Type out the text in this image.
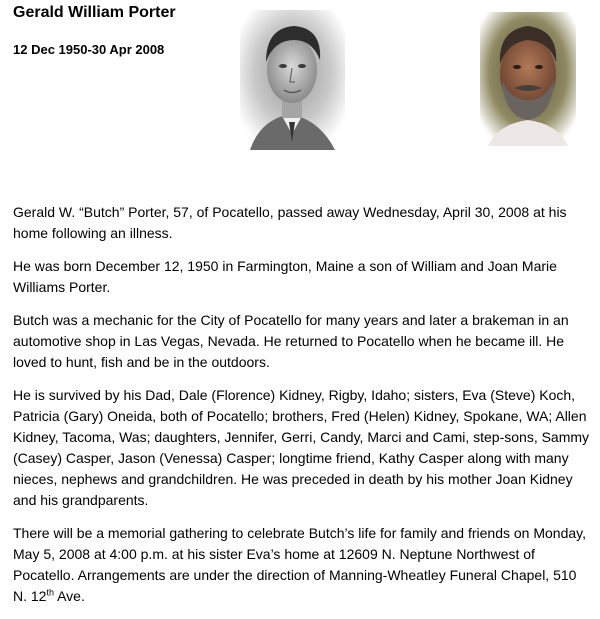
Gerald William Porter
12 Dec 1950-30 Apr 2008

Gerald W. “Butch” Porter, 57, of Pocatello, passed away Wednesday, April 30, 2008 at his home following an illness.

He was born December 12, 1950 in Farmington, Maine a son of William and Joan Marie Williams Porter.

Butch was a mechanic for the City of Pocatello for many years and later a brakeman in an automotive shop in Las Vegas, Nevada. He returned to Pocatello when he became ill. He loved to hunt, fish and be in the outdoors.

He is survived by his Dad, Dale (Florence) Kidney, Rigby, Idaho; sisters, Eva (Steve) Koch, Patricia (Gary) Oneida, both of Pocatello; brothers, Fred (Helen) Kidney, Spokane, WA; Allen Kidney, Tacoma, Was; daughters, Jennifer, Gerri, Candy, Marci and Cami, step-sons, Sammy (Casey) Casper, Jason (Venessa) Casper; longtime friend, Kathy Casper along with many nieces, nephews and grandchildren. He was preceded in death by his mother Joan Kidney and his grandparents.

There will be a memorial gathering to celebrate Butch’s life for family and friends on Monday, May 5, 2008 at 4:00 p.m. at his sister Eva’s home at 12609 N. Neptune Northwest of Pocatello. Arrangements are under the direction of Manning-Wheatley Funeral Chapel, 510 N. 12th Ave.
